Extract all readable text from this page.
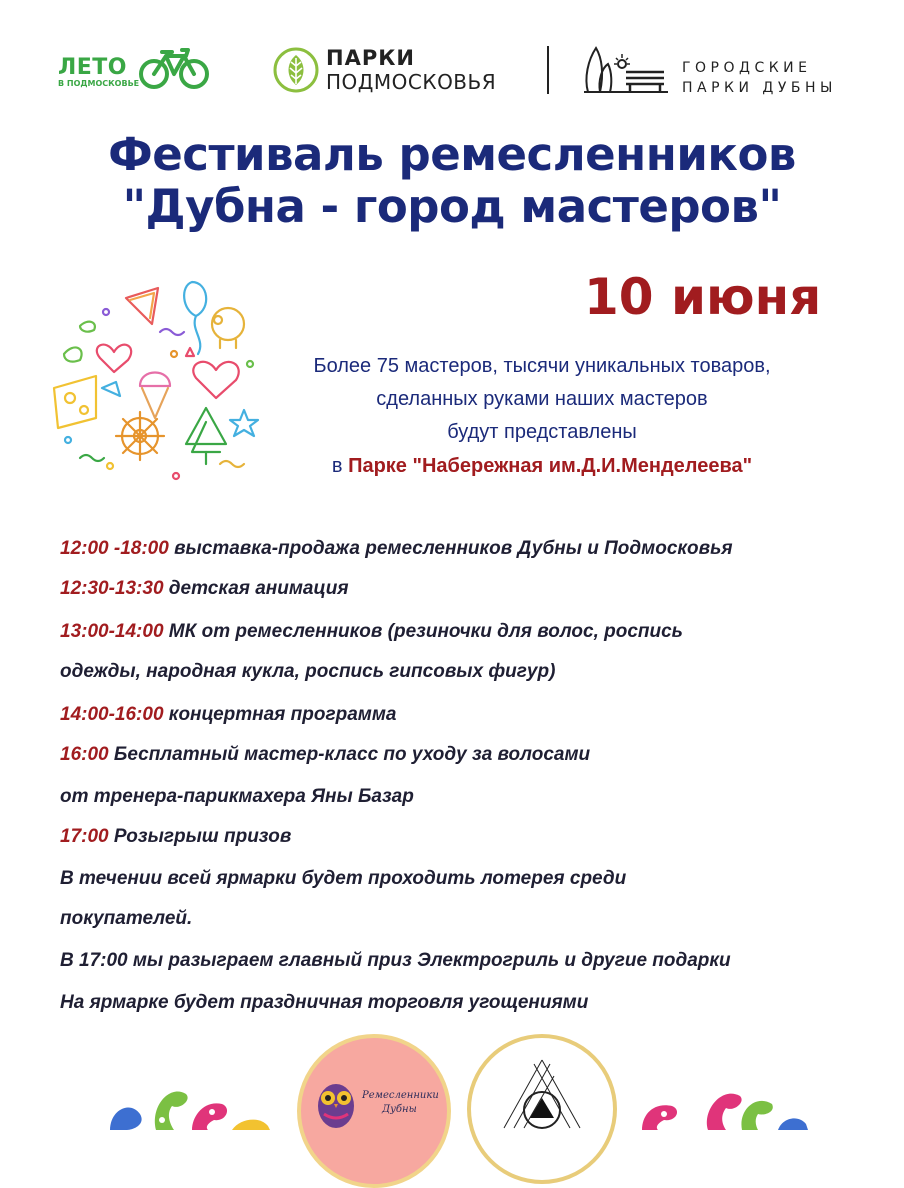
ЛЕТО
В ПОДМОСКОВЬЕ
ПАРКИ
ПОДМОСКОВЬЯ
ГОРОДСКИЕ
ПАРКИ ДУБНЫ
Фестиваль ремесленников
"Дубна - город мастеров"
10 июня
Более 75 мастеров, тысячи уникальных товаров,
сделанных руками наших мастеров
будут представлены
в Парке "Набережная им.Д.И.Менделеева"
12:00 -18:00 выставка-продажа ремесленников Дубны и Подмосковья
12:30-13:30 детская анимация
13:00-14:00 МК от ремесленников (резиночки для волос, роспись
одежды, народная кукла, роспись гипсовых фигур)
14:00-16:00 концертная программа
16:00 Бесплатный мастер-класс по уходу за волосами
от тренера-парикмахера Яны Базар
17:00 Розыгрыш призов
В течении всей ярмарки будет проходить лотерея среди
покупателей.
В 17:00 мы разыграем главный приз Электрогриль и другие подарки
На ярмарке будет праздничная торговля угощениями
Ремесленники
Дубны
